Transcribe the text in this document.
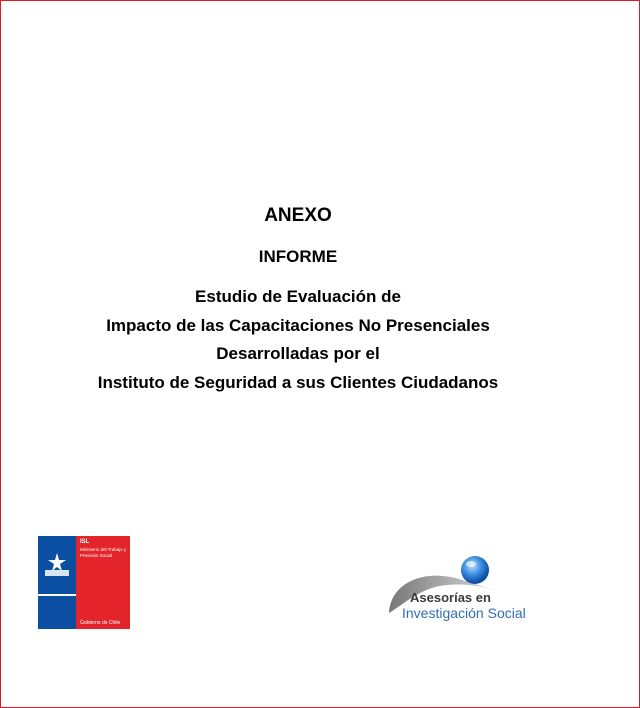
ANEXO
INFORME
Estudio de Evaluación de
Impacto de las Capacitaciones No Presenciales
Desarrolladas por el
Instituto de Seguridad a sus Clientes Ciudadanos
ISL
Ministerio del Trabajo y Previsión Social
Gobierno de Chile
Asesorías en
Investigación Social
